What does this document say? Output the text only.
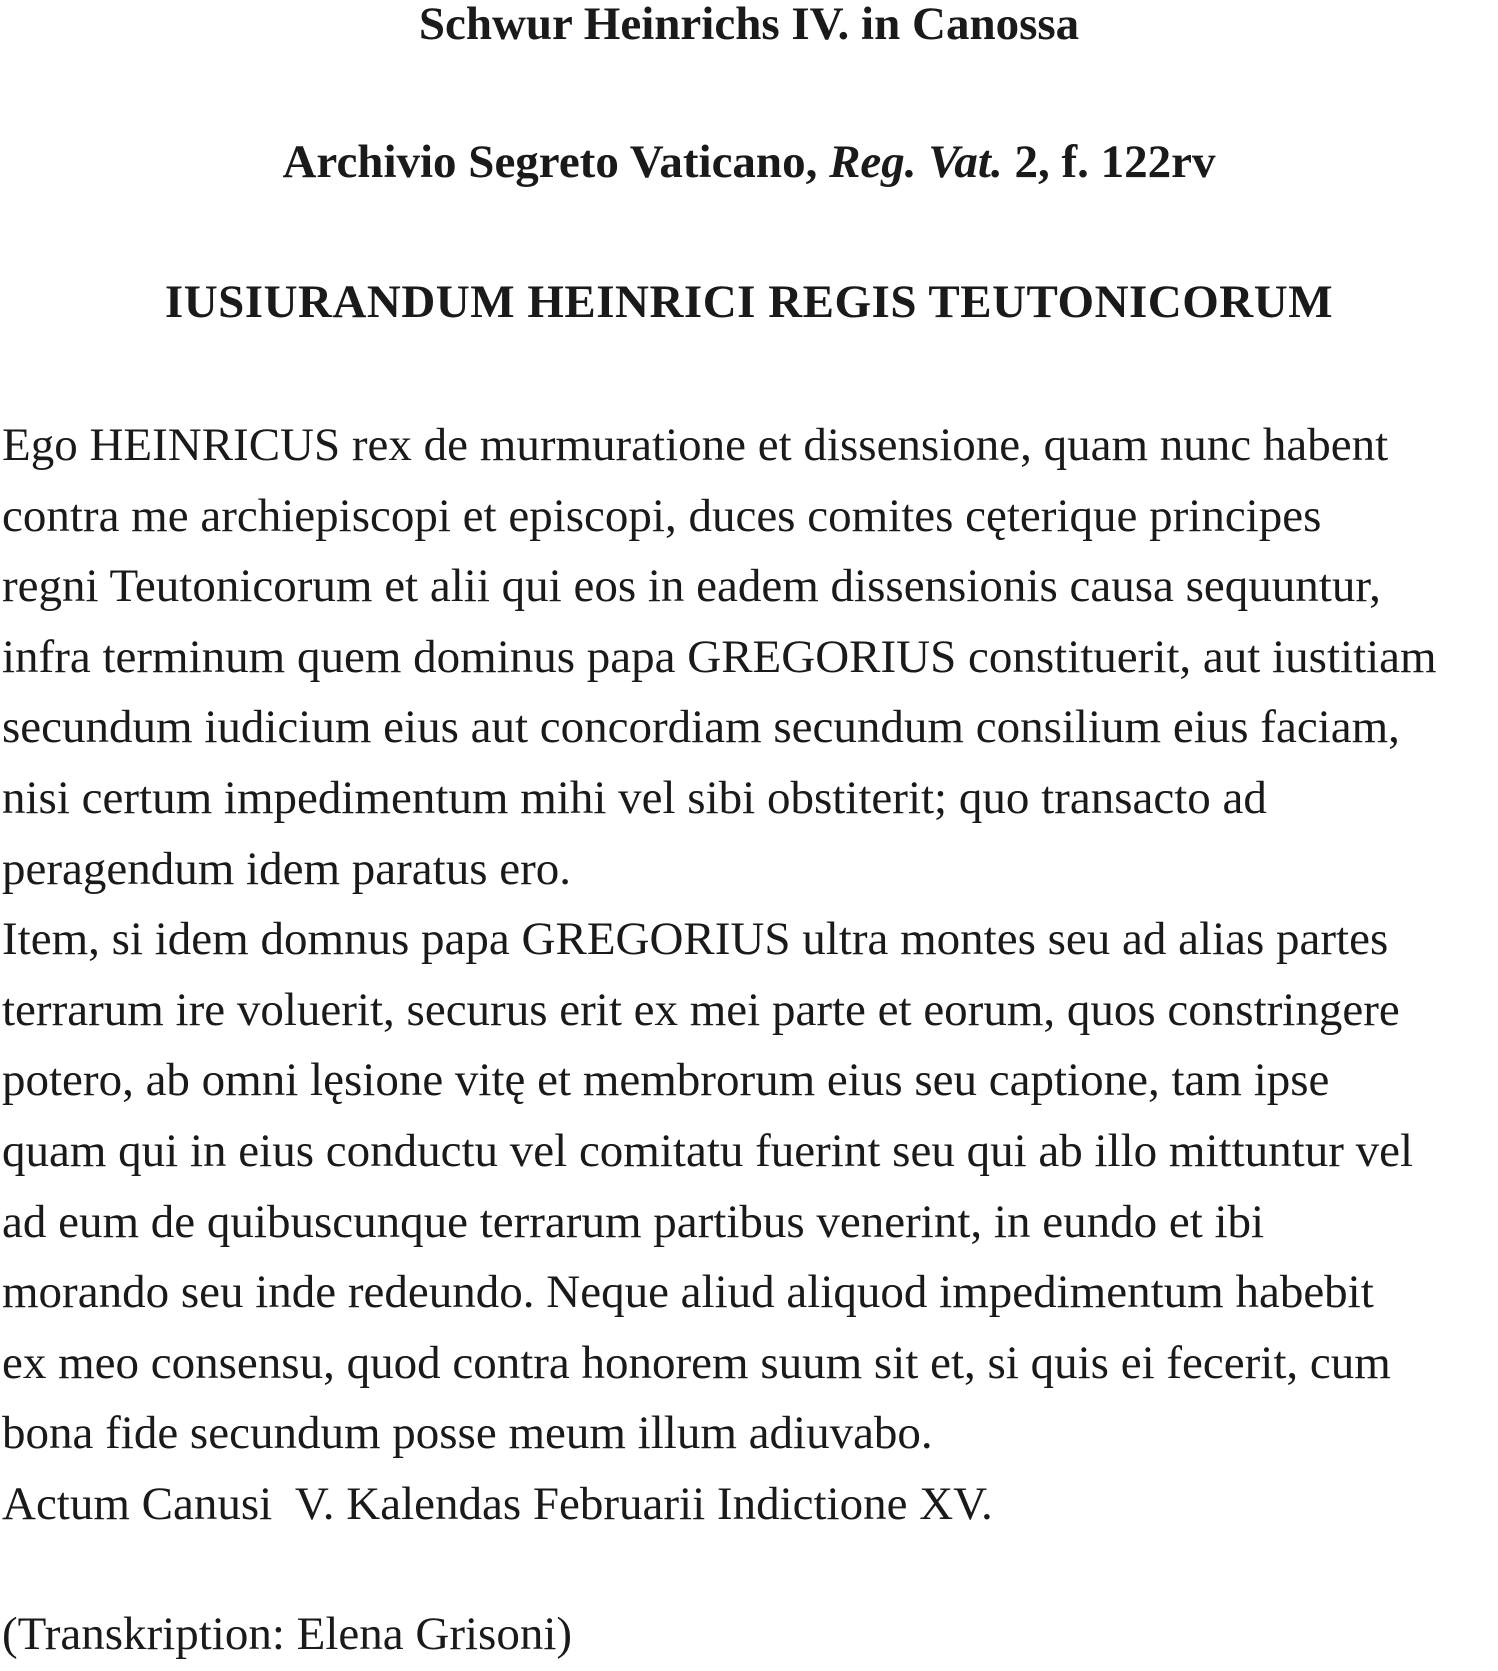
Schwur Heinrichs IV. in Canossa
Archivio Segreto Vaticano, Reg. Vat. 2, f. 122rv
IUSIURANDUM HEINRICI REGIS TEUTONICORUM
Ego HEINRICUS rex de murmuratione et dissensione, quam nunc habent
contra me archiepiscopi et episcopi, duces comites cęterique principes
regni Teutonicorum et alii qui eos in eadem dissensionis causa sequuntur,
infra terminum quem dominus papa GREGORIUS constituerit, aut iustitiam
secundum iudicium eius aut concordiam secundum consilium eius faciam,
nisi certum impedimentum mihi vel sibi obstiterit; quo transacto ad
peragendum idem paratus ero.
Item, si idem domnus papa GREGORIUS ultra montes seu ad alias partes
terrarum ire voluerit, securus erit ex mei parte et eorum, quos constringere
potero, ab omni lęsione vitę et membrorum eius seu captione, tam ipse
quam qui in eius conductu vel comitatu fuerint seu qui ab illo mittuntur vel
ad eum de quibuscunque terrarum partibus venerint, in eundo et ibi
morando seu inde redeundo. Neque aliud aliquod impedimentum habebit
ex meo consensu, quod contra honorem suum sit et, si quis ei fecerit, cum
bona fide secundum posse meum illum adiuvabo.
Actum Canusi  V. Kalendas Februarii Indictione XV.

(Transkription: Elena Grisoni)
